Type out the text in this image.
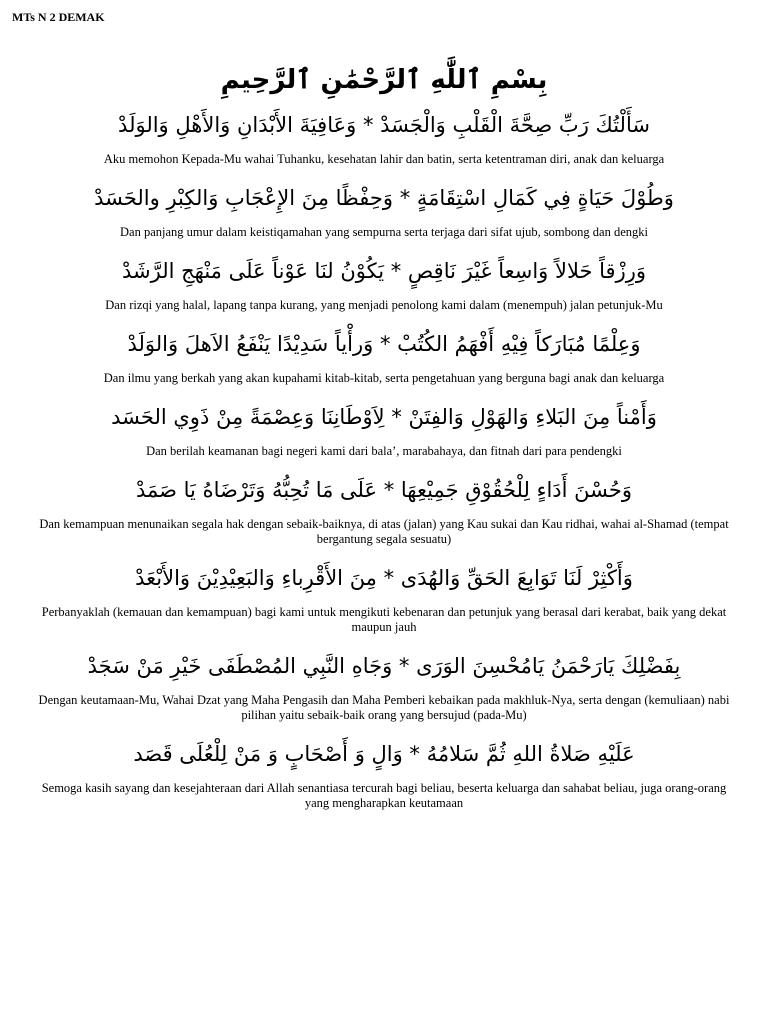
MTs N 2 DEMAK
بِسْمِ ٱللَّٰهِ ٱلرَّحْمَٰنِ ٱلرَّحِيمِ
سَأَلْتُكَ رَبِّ صِحَّةَ الْقَلْبِ وَالْجَسَدْ * وَعَافِيَةَ الأَبْدَانِ وَالأَهْلِ وَالوَلَدْ
Aku memohon Kepada-Mu wahai Tuhanku, kesehatan lahir dan batin, serta ketentraman diri, anak dan keluarga
وَطُوْلَ حَيَاةٍ فِي كَمَالِ اسْتِقَامَةٍ * وَحِفْظًا مِنَ الإِعْجَابِ وَالكِبْرِ والحَسَدْ
Dan panjang umur dalam keistiqamahan yang sempurna serta terjaga dari sifat ujub, sombong dan dengki
وَرِزْقاً حَلالاً وَاسِعاً غَيْرَ نَاقِصٍ * يَكُوْنُ لنَا عَوْناً عَلَى مَنْهَجِ الرَّشَدْ
Dan rizqi yang halal, lapang tanpa kurang, yang menjadi penolong kami dalam (menempuh) jalan petunjuk-Mu
وَعِلْمًا مُبَارَكاً فِيْهِ أَفْهَمُ الكُتُبْ * وَرأْياً سَدِيْدًا يَنْفَعُ الاَهلَ وَالوَلَدْ
Dan ilmu yang berkah yang akan kupahami kitab-kitab, serta pengetahuan yang berguna bagi anak dan keluarga
وَأَمْناً مِنَ البَلاءِ وَالهَوْلِ وَالفِتَنْ * لِاَوْطَانِنَا وَعِصْمَةً مِنْ ذَوِي الحَسَد
Dan berilah keamanan bagi negeri kami dari bala’, marabahaya, dan fitnah dari para pendengki
وَحُسْنَ أَدَاءٍ لِلْحُقُوْقِ جَمِيْعِهَا * عَلَى مَا تُحِبُّهُ وَتَرْضَاهُ يَا صَمَدْ
Dan kemampuan menunaikan segala hak dengan sebaik-baiknya, di atas (jalan) yang Kau sukai dan Kau ridhai, wahai al-Shamad (tempat bergantung segala sesuatu)
وَأَكْثِرْ لَنَا تَوَابِعَ الحَقِّ وَالهُدَى * مِنَ الأَقْرِباءِ وَالبَعِيْدِيْنَ وَالأَبْعَدْ
Perbanyaklah (kemauan dan kemampuan) bagi kami untuk mengikuti kebenaran dan petunjuk yang berasal dari kerabat, baik yang dekat maupun jauh
بِفَضْلِكَ يَارَحْمَنُ يَامُحْسِنَ الوَرَى * وَجَاهِ النَّبِي المُصْطَفَى خَيْرِ مَنْ سَجَدْ
Dengan keutamaan-Mu, Wahai Dzat yang Maha Pengasih dan Maha Pemberi kebaikan pada makhluk-Nya, serta dengan (kemuliaan) nabi pilihan yaitu sebaik-baik orang yang bersujud (pada-Mu)
عَلَيْهِ صَلاةُ اللهِ ثُمَّ سَلامُهُ * وَالٍ وَ أَصْحَابٍ وَ مَنْ لِلْعُلَى قَصَد
Semoga kasih sayang dan kesejahteraan dari Allah senantiasa tercurah bagi beliau, beserta keluarga dan sahabat beliau, juga orang-orang yang mengharapkan keutamaan
